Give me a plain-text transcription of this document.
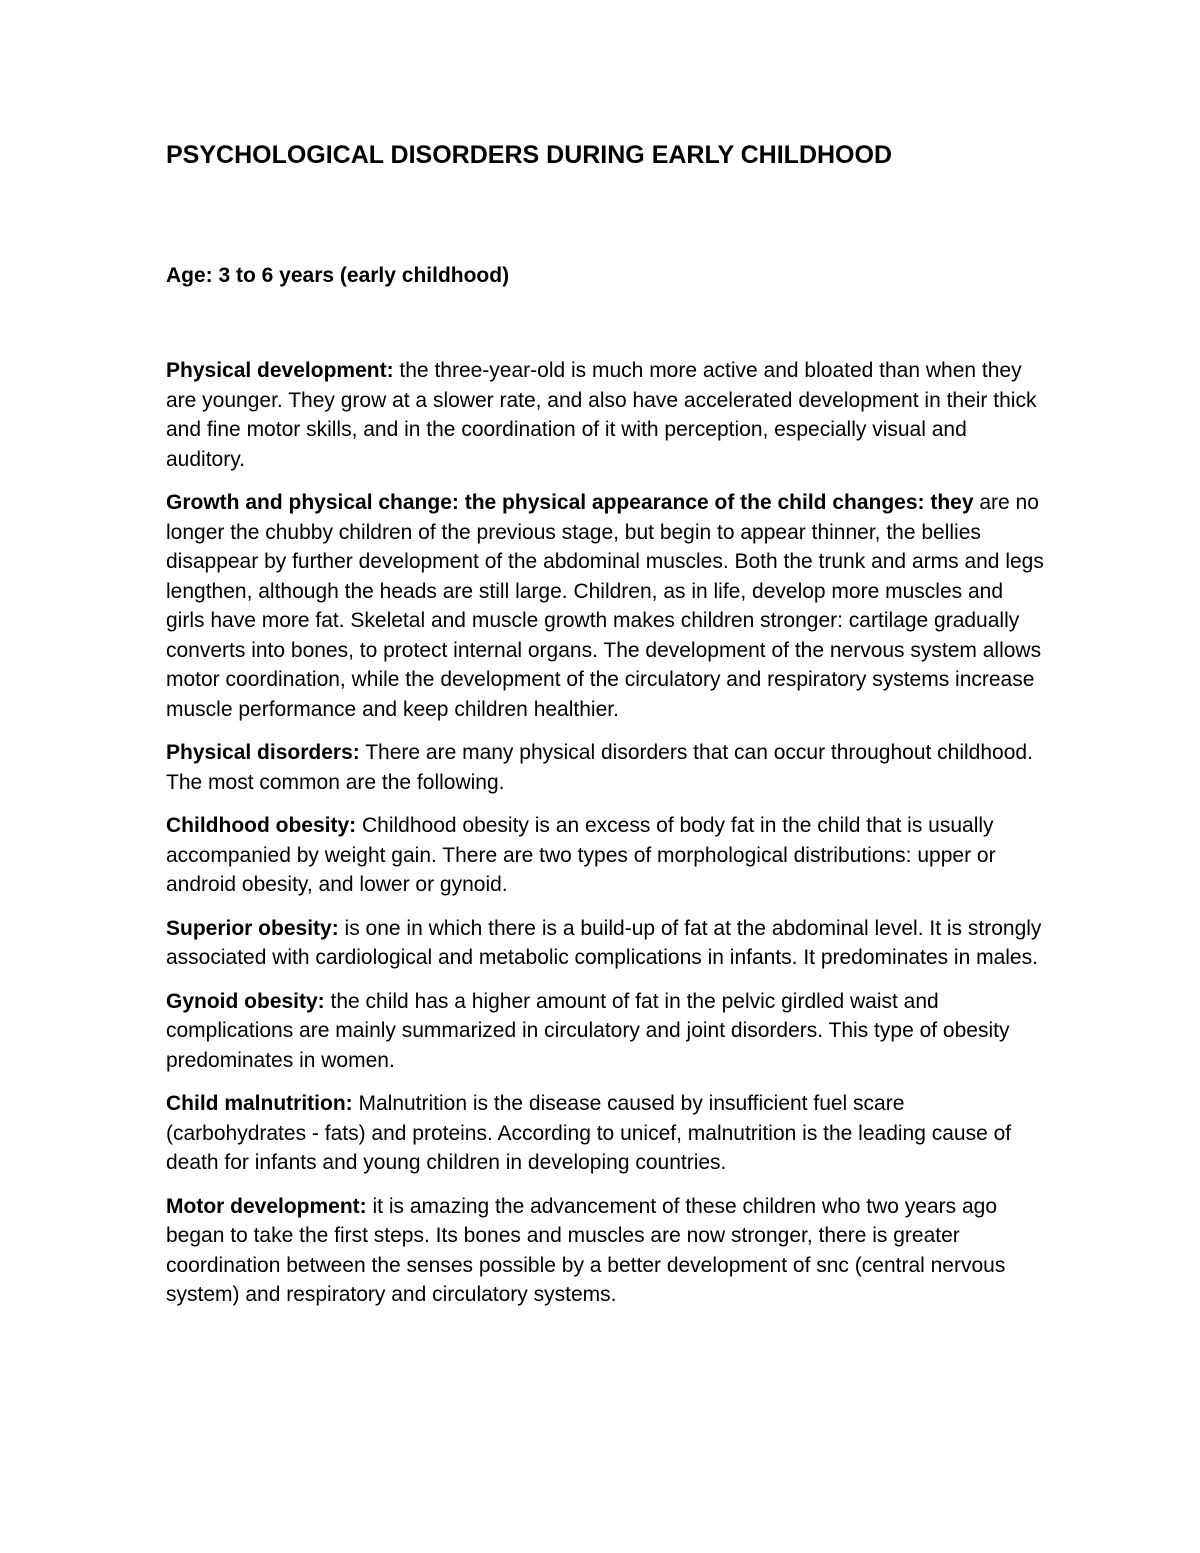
PSYCHOLOGICAL DISORDERS DURING EARLY CHILDHOOD

Age: 3 to 6 years (early childhood)

Physical development: the three-year-old is much more active and bloated than when they are younger. They grow at a slower rate, and also have accelerated development in their thick and fine motor skills, and in the coordination of it with perception, especially visual and auditory.

Growth and physical change: the physical appearance of the child changes: they are no longer the chubby children of the previous stage, but begin to appear thinner, the bellies disappear by further development of the abdominal muscles. Both the trunk and arms and legs lengthen, although the heads are still large. Children, as in life, develop more muscles and girls have more fat. Skeletal and muscle growth makes children stronger: cartilage gradually converts into bones, to protect internal organs. The development of the nervous system allows motor coordination, while the development of the circulatory and respiratory systems increase muscle performance and keep children healthier.

Physical disorders: There are many physical disorders that can occur throughout childhood. The most common are the following.

Childhood obesity: Childhood obesity is an excess of body fat in the child that is usually accompanied by weight gain. There are two types of morphological distributions: upper or android obesity, and lower or gynoid.

Superior obesity: is one in which there is a build-up of fat at the abdominal level. It is strongly associated with cardiological and metabolic complications in infants. It predominates in males.

Gynoid obesity: the child has a higher amount of fat in the pelvic girdled waist and complications are mainly summarized in circulatory and joint disorders. This type of obesity predominates in women.

Child malnutrition: Malnutrition is the disease caused by insufficient fuel scare (carbohydrates - fats) and proteins. According to unicef, malnutrition is the leading cause of death for infants and young children in developing countries.

Motor development: it is amazing the advancement of these children who two years ago began to take the first steps. Its bones and muscles are now stronger, there is greater coordination between the senses possible by a better development of snc (central nervous system) and respiratory and circulatory systems.
